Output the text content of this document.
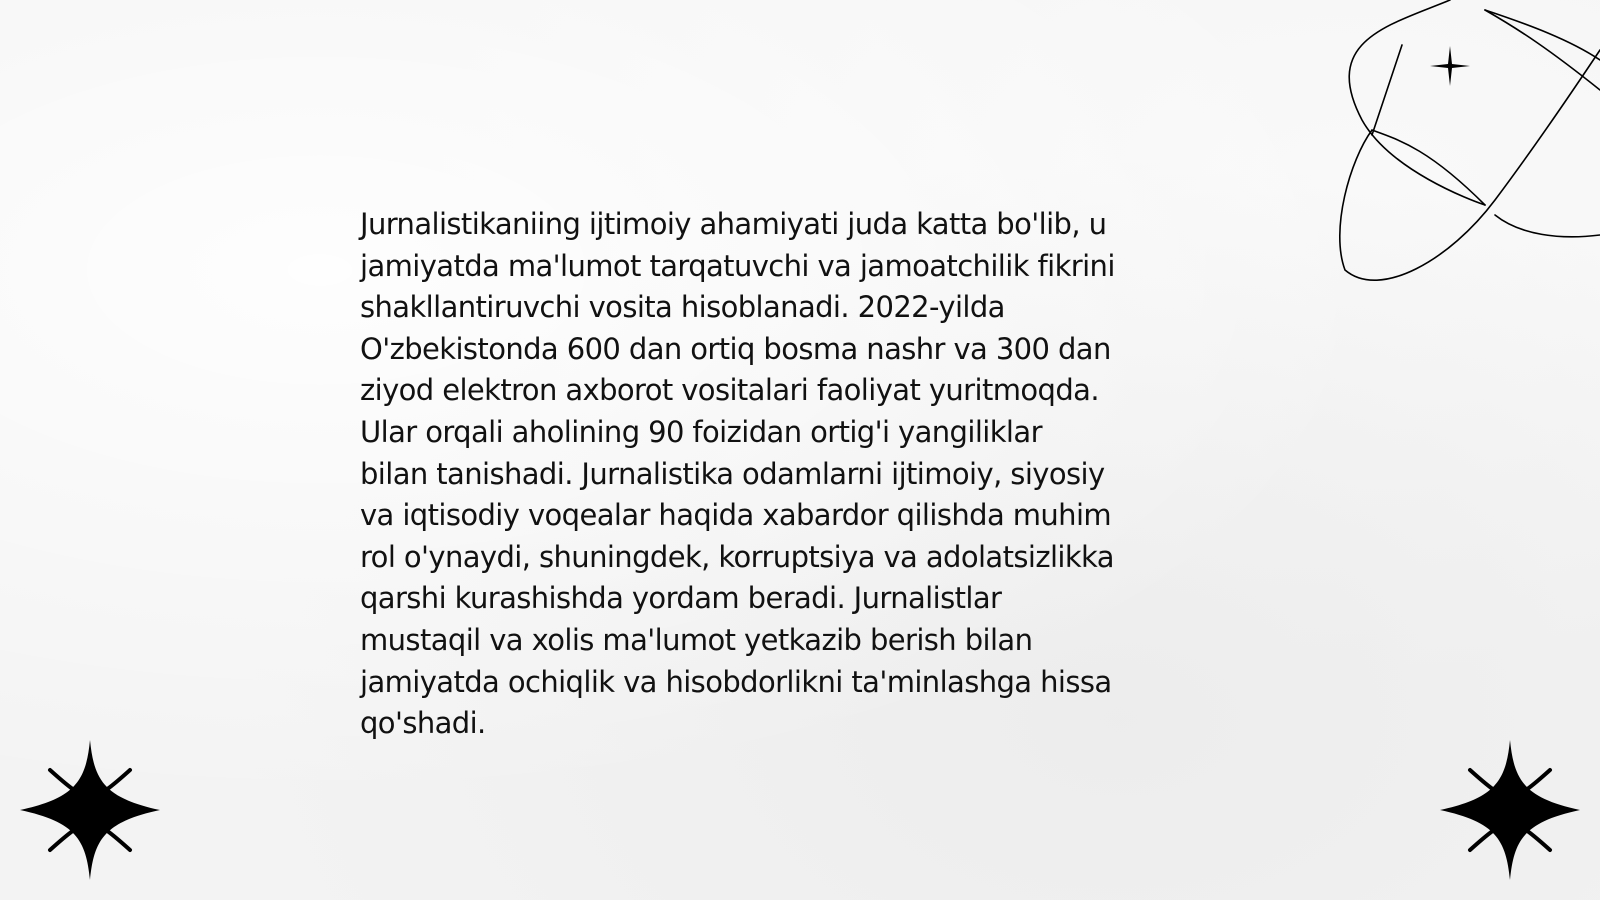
Jurnalistikaniing ijtimoiy ahamiyati juda katta bo'lib, u
jamiyatda ma'lumot tarqatuvchi va jamoatchilik fikrini
shakllantiruvchi vosita hisoblanadi. 2022-yilda
O'zbekistonda 600 dan ortiq bosma nashr va 300 dan
ziyod elektron axborot vositalari faoliyat yuritmoqda.
Ular orqali aholining 90 foizidan ortig'i yangiliklar
bilan tanishadi. Jurnalistika odamlarni ijtimoiy, siyosiy
va iqtisodiy voqealar haqida xabardor qilishda muhim
rol o'ynaydi, shuningdek, korruptsiya va adolatsizlikka
qarshi kurashishda yordam beradi. Jurnalistlar
mustaqil va xolis ma'lumot yetkazib berish bilan
jamiyatda ochiqlik va hisobdorlikni ta'minlashga hissa
qo'shadi.
